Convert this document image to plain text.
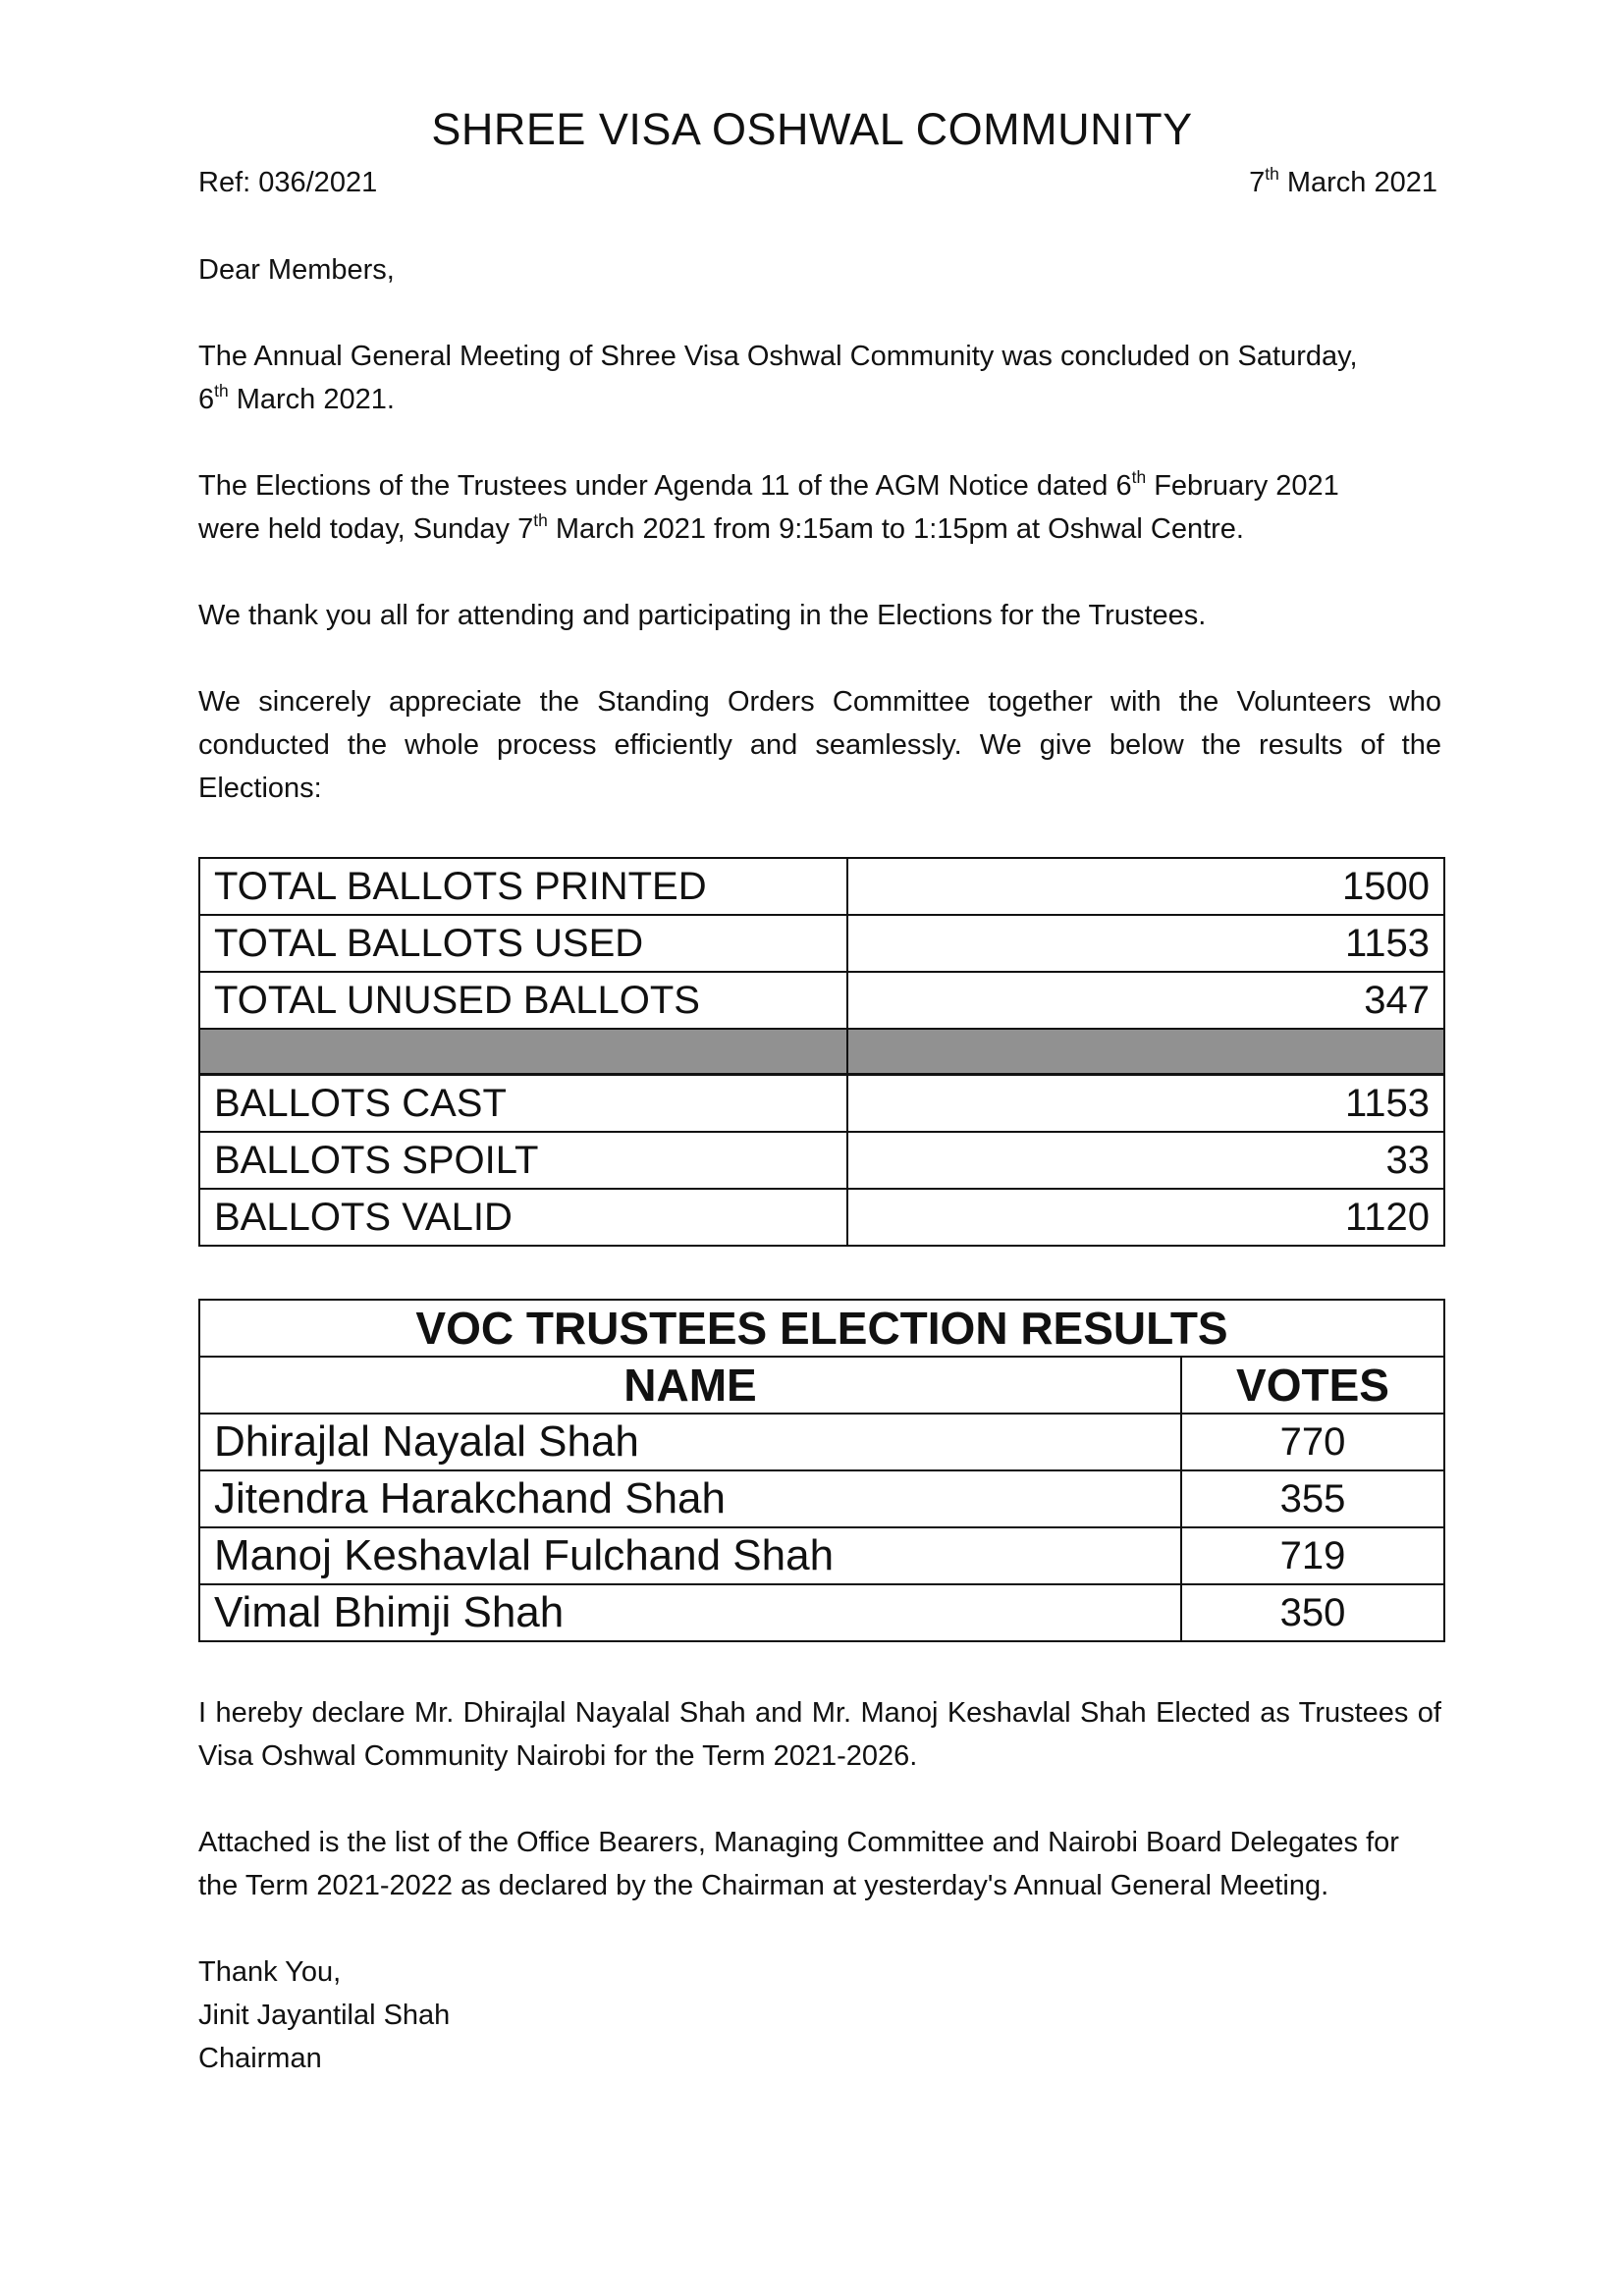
SHREE VISA OSHWAL COMMUNITY
Ref: 036/2021	7th March 2021
Dear Members,
The Annual General Meeting of Shree Visa Oshwal Community was concluded on Saturday,
6th March 2021.
The Elections of the Trustees under Agenda 11 of the AGM Notice dated 6th February 2021
were held today, Sunday 7th March 2021 from 9:15am to 1:15pm at Oshwal Centre.
We thank you all for attending and participating in the Elections for the Trustees.
We sincerely appreciate the Standing Orders Committee together with the Volunteers who conducted the whole process efficiently and seamlessly. We give below the results of the Elections:
TOTAL BALLOTS PRINTED	1500
TOTAL BALLOTS USED	1153
TOTAL UNUSED BALLOTS	347

BALLOTS CAST	1153
BALLOTS SPOILT	33
BALLOTS VALID	1120
VOC TRUSTEES ELECTION RESULTS	
NAME	VOTES
Dhirajlal Nayalal Shah	770
Jitendra Harakchand Shah	355
Manoj Keshavlal Fulchand Shah	719
Vimal Bhimji Shah	350
I hereby declare Mr. Dhirajlal Nayalal Shah and Mr. Manoj Keshavlal Shah Elected as Trustees of Visa Oshwal Community Nairobi for the Term 2021-2026.
Attached is the list of the Office Bearers, Managing Committee and Nairobi Board Delegates for the Term 2021-2022 as declared by the Chairman at yesterday's Annual General Meeting.
Thank You,
Jinit Jayantilal Shah
Chairman
